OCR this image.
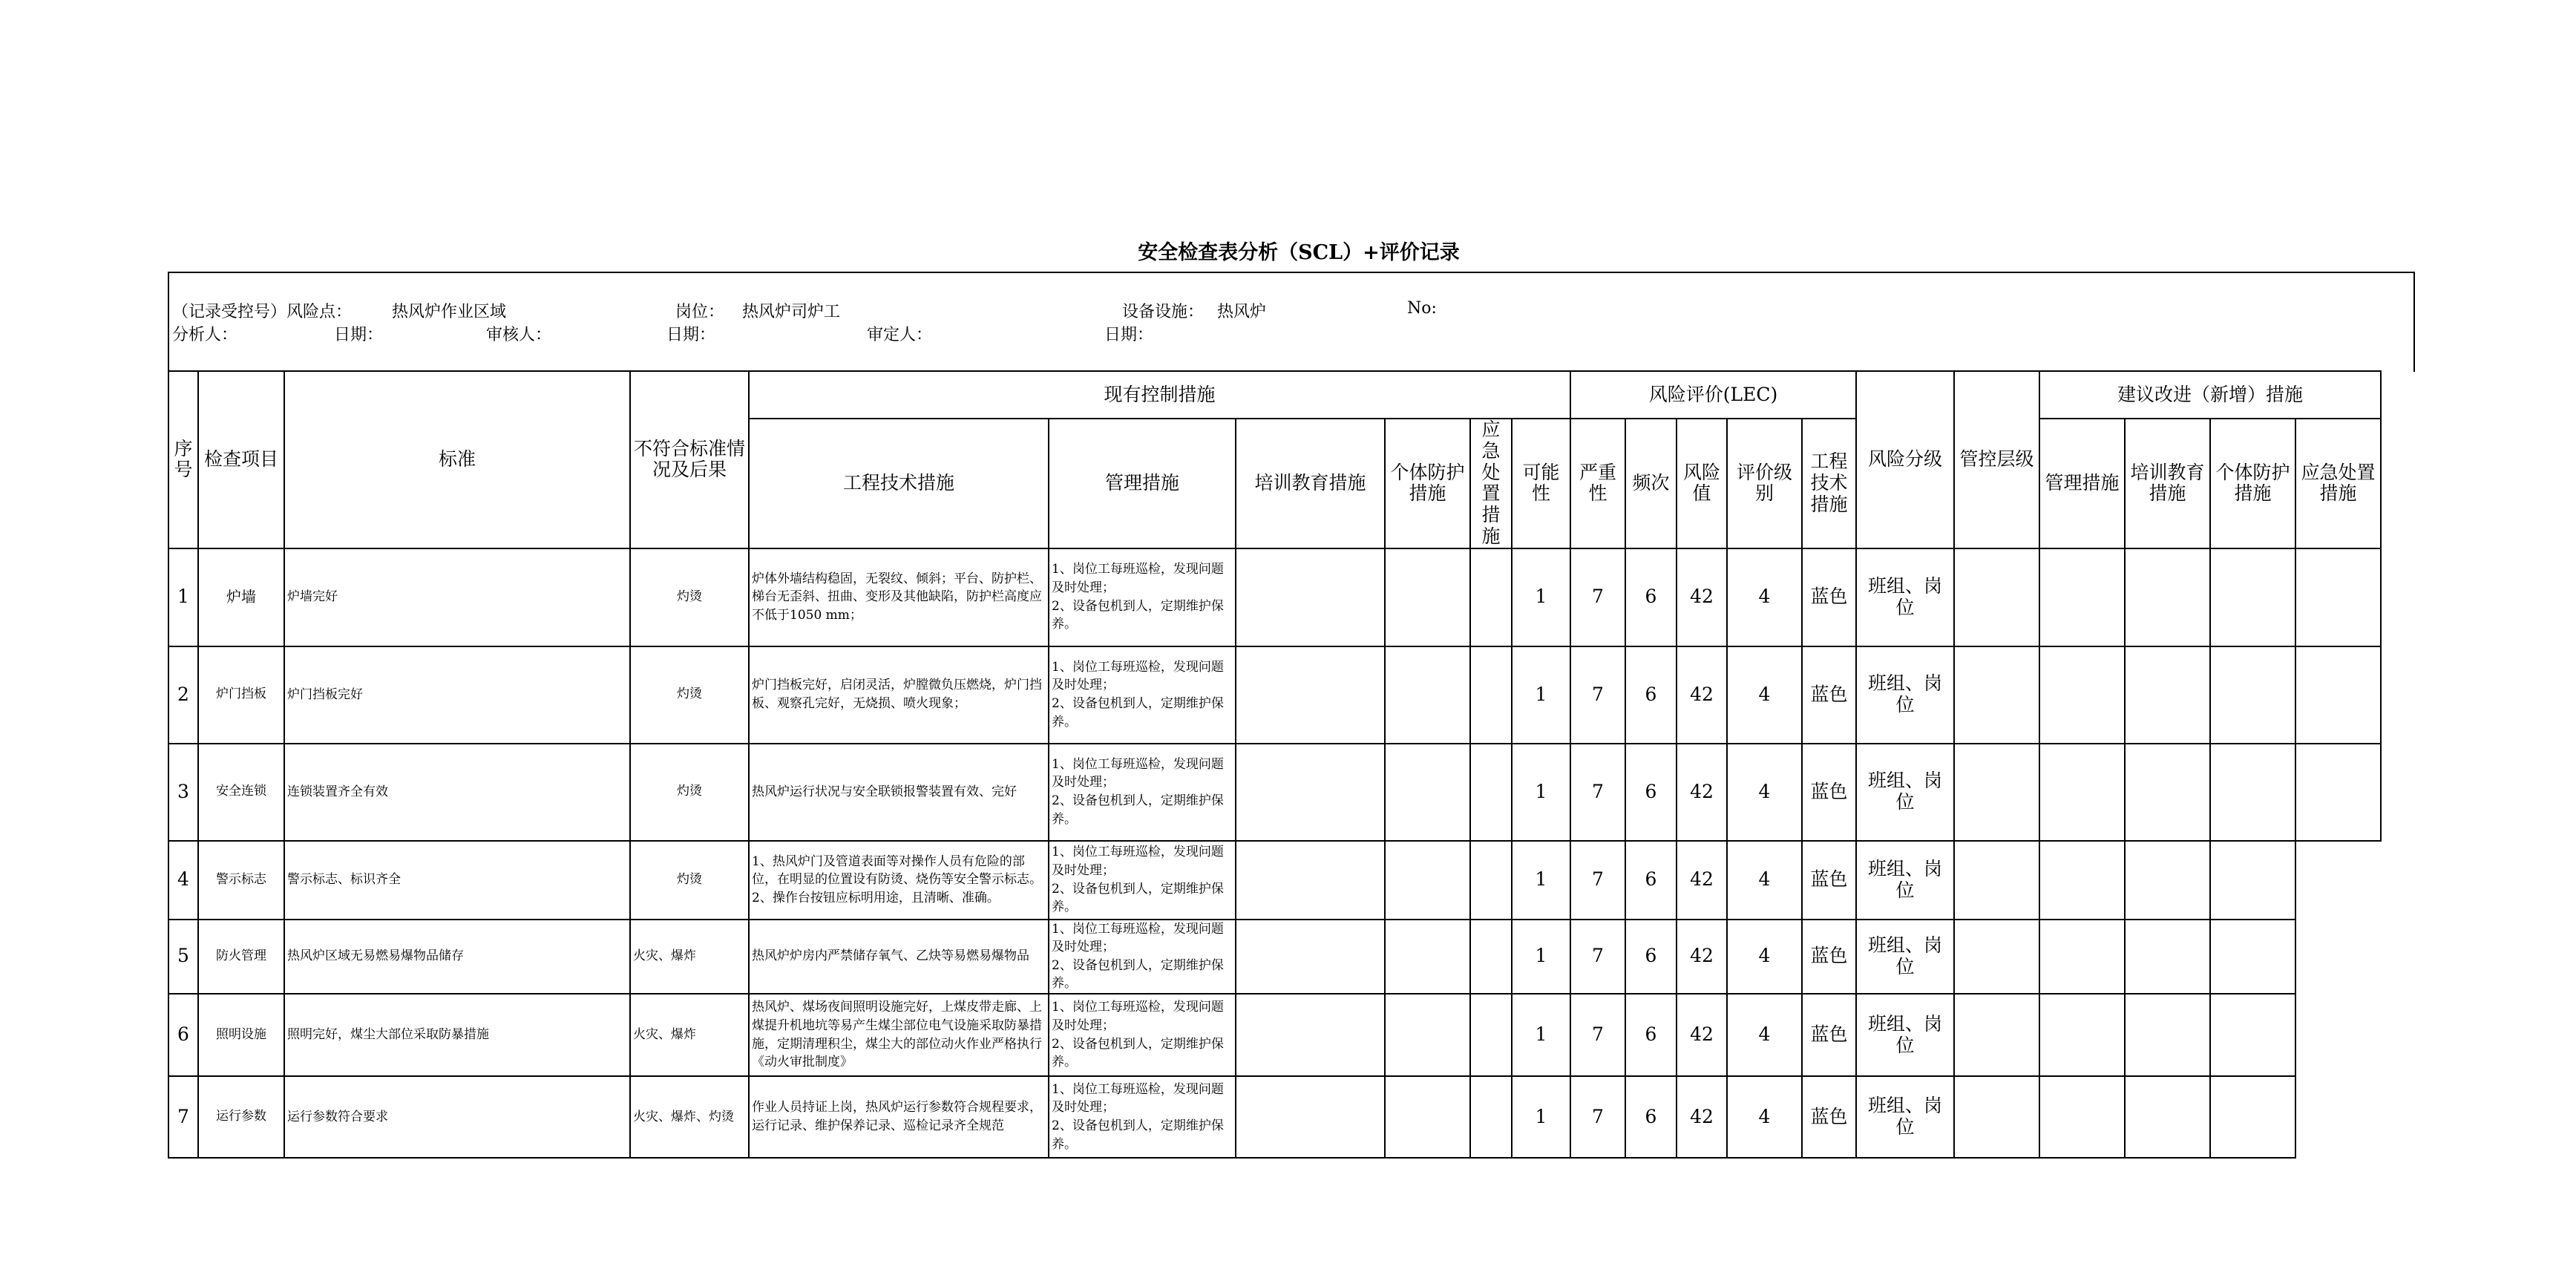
安全检查表分析（SCL）+评价记录
（记录受控号）风险点： 热风炉作业区域	岗位： 热风炉司炉工	设备设施： 热风炉	No:
分析人：	日期：	审核人：	日期：	审定人：	日期：
序号	检查项目	标准	不符合标准情况及后果	现有控制措施						风险评价(LEC)					风险分级	管控层级	建议改进（新增）措施			
				工程技术措施	管理措施	培训教育措施	个体防护措施	应急处置措施	可能性	严重性	频次	风险值	评价级别	工程技术措施			管理措施	培训教育措施	个体防护措施	应急处置措施
1	炉墙	炉墙完好	灼烫	炉体外墙结构稳固，无裂纹、倾斜；平台、防护栏、梯台无歪斜、扭曲、变形及其他缺陷，防护栏高度应不低于1050 mm；	1、岗位工每班巡检，发现问题及时处理；
2、设备包机到人，定期维护保养。				1	7	6	42	4	蓝色	班组、岗位					
2	炉门挡板	炉门挡板完好	灼烫	炉门挡板完好，启闭灵活，炉膛微负压燃烧，炉门挡板、观察孔完好，无烧损、喷火现象；	1、岗位工每班巡检，发现问题及时处理；
2、设备包机到人，定期维护保养。				1	7	6	42	4	蓝色	班组、岗位					
3	安全连锁	连锁装置齐全有效	灼烫	热风炉运行状况与安全联锁报警装置有效、完好	1、岗位工每班巡检，发现问题及时处理；
2、设备包机到人，定期维护保养。				1	7	6	42	4	蓝色	班组、岗位					
4	警示标志	警示标志、标识齐全	灼烫	1、热风炉门及管道表面等对操作人员有危险的部位，在明显的位置设有防烫、烧伤等安全警示标志。2、操作台按钮应标明用途，且清晰、准确。	1、岗位工每班巡检，发现问题及时处理；
2、设备包机到人，定期维护保养。				1	7	6	42	4	蓝色	班组、岗位					
5	防火管理	热风炉区域无易燃易爆物品储存	火灾、爆炸	热风炉炉房内严禁储存氧气、乙炔等易燃易爆物品	1、岗位工每班巡检，发现问题及时处理；
2、设备包机到人，定期维护保养。				1	7	6	42	4	蓝色	班组、岗位					
6	照明设施	照明完好，煤尘大部位采取防暴措施	火灾、爆炸	热风炉、煤场夜间照明设施完好，上煤皮带走廊、上煤提升机地坑等易产生煤尘部位电气设施采取防暴措施，定期清理积尘，煤尘大的部位动火作业严格执行《动火审批制度》	1、岗位工每班巡检，发现问题及时处理；
2、设备包机到人，定期维护保养。				1	7	6	42	4	蓝色	班组、岗位					
7	运行参数	运行参数符合要求	火灾、爆炸、灼烫	作业人员持证上岗，热风炉运行参数符合规程要求，运行记录、维护保养记录、巡检记录齐全规范	1、岗位工每班巡检，发现问题及时处理；
2、设备包机到人，定期维护保养。				1	7	6	42	4	蓝色	班组、岗位					
